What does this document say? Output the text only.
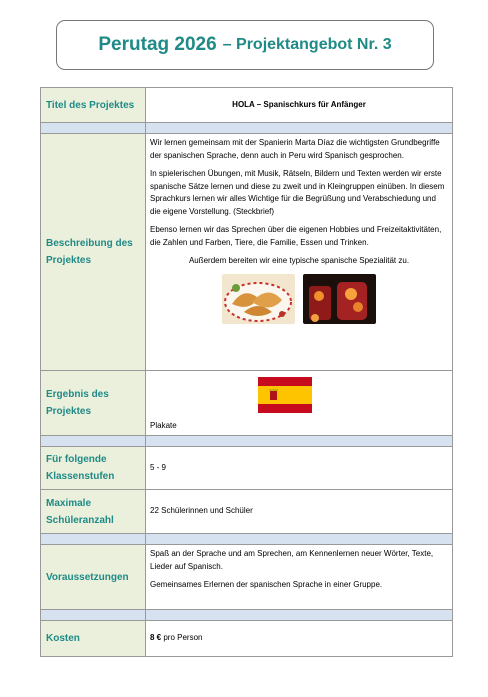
Perutag 2026 – Projektangebot Nr. 3
Titel des Projektes	HOLA – Spanischkurs für Anfänger

Beschreibung des Projektes	Wir lernen gemeinsam mit der Spanierin Marta Díaz die wichtigsten Grundbegriffe der spanischen Sprache, denn auch in Peru wird Spanisch gesprochen.

In spielerischen Übungen, mit Musik, Rätseln, Bildern und Texten werden wir erste spanische Sätze lernen und diese zu zweit und in Kleingruppen einüben. In diesem Sprachkurs lernen wir alles Wichtige für die Begrüßung und Verabschiedung und die eigene Vorstellung. (Steckbrief)

Ebenso lernen wir das Sprechen über die eigenen Hobbies und Freizeitaktivitäten, die Zahlen und Farben, Tiere, die Familie, Essen und Trinken.

Außerdem bereiten wir eine typische spanische Spezialität zu.

Ergebnis des Projektes	Plakate

Für folgende Klassenstufen	5 - 9
Maximale Schüleranzahl	22 Schülerinnen und Schüler

Voraussetzungen	Spaß an der Sprache und am Sprechen, am Kennenlernen neuer Wörter, Texte, Lieder auf Spanisch.

Gemeinsames Erlernen der spanischen Sprache in einer Gruppe.

Kosten	8 € pro Person
